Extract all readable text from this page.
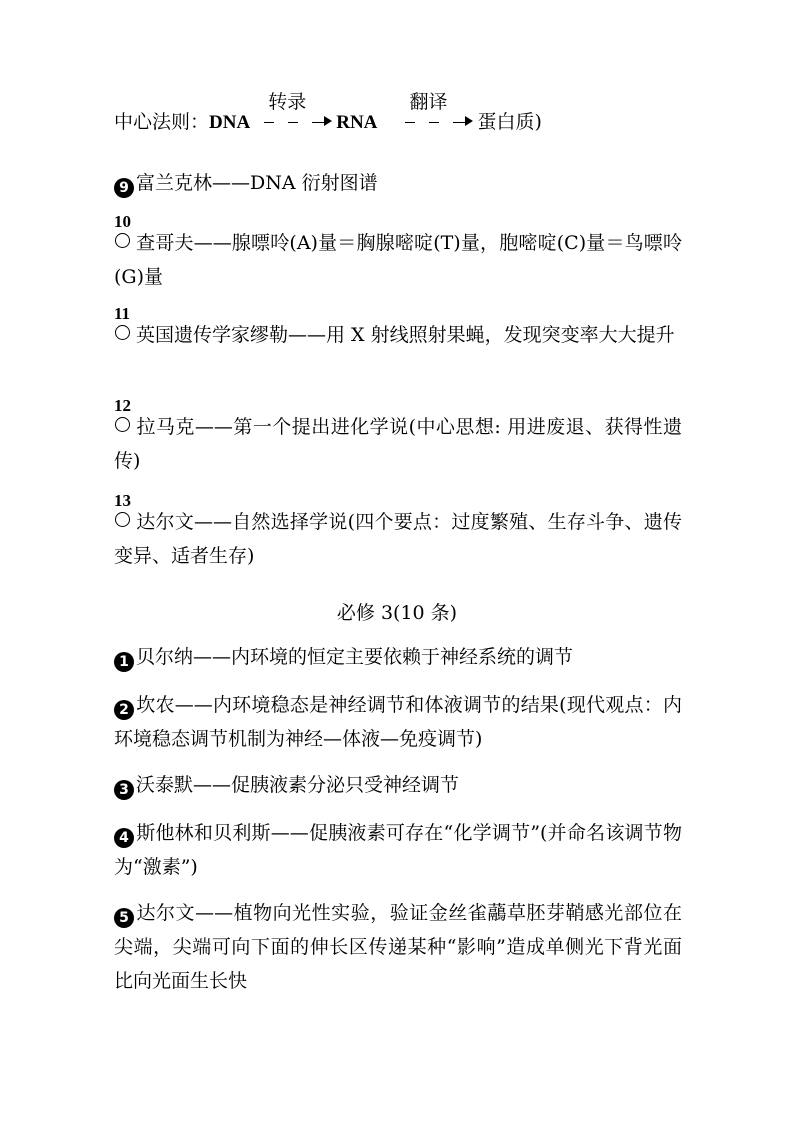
中心法则：DNA
转录
RNA
翻译
蛋白质)
9 富兰克林——DNA 衍射图谱
10
查哥夫——腺嘌呤(A)量＝胸腺嘧啶(T)量，胞嘧啶(C)量＝鸟嘌呤(G)量
11
英国遗传学家缪勒——用 X 射线照射果蝇，发现突变率大大提升
12
拉马克——第一个提出进化学说(中心思想: 用进废退、获得性遗传)
13
达尔文——自然选择学说(四个要点：过度繁殖、生存斗争、遗传变异、适者生存)
必修 3(10 条)
1 贝尔纳——内环境的恒定主要依赖于神经系统的调节
2 坎农——内环境稳态是神经调节和体液调节的结果(现代观点：内环境稳态调节机制为神经—体液—免疫调节)
3 沃泰默——促胰液素分泌只受神经调节
4 斯他林和贝利斯——促胰液素可存在“化学调节”(并命名该调节物为“激素”)
5 达尔文——植物向光性实验，验证金丝雀虉草胚芽鞘感光部位在尖端，尖端可向下面的伸长区传递某种“影响”造成单侧光下背光面比向光面生长快
